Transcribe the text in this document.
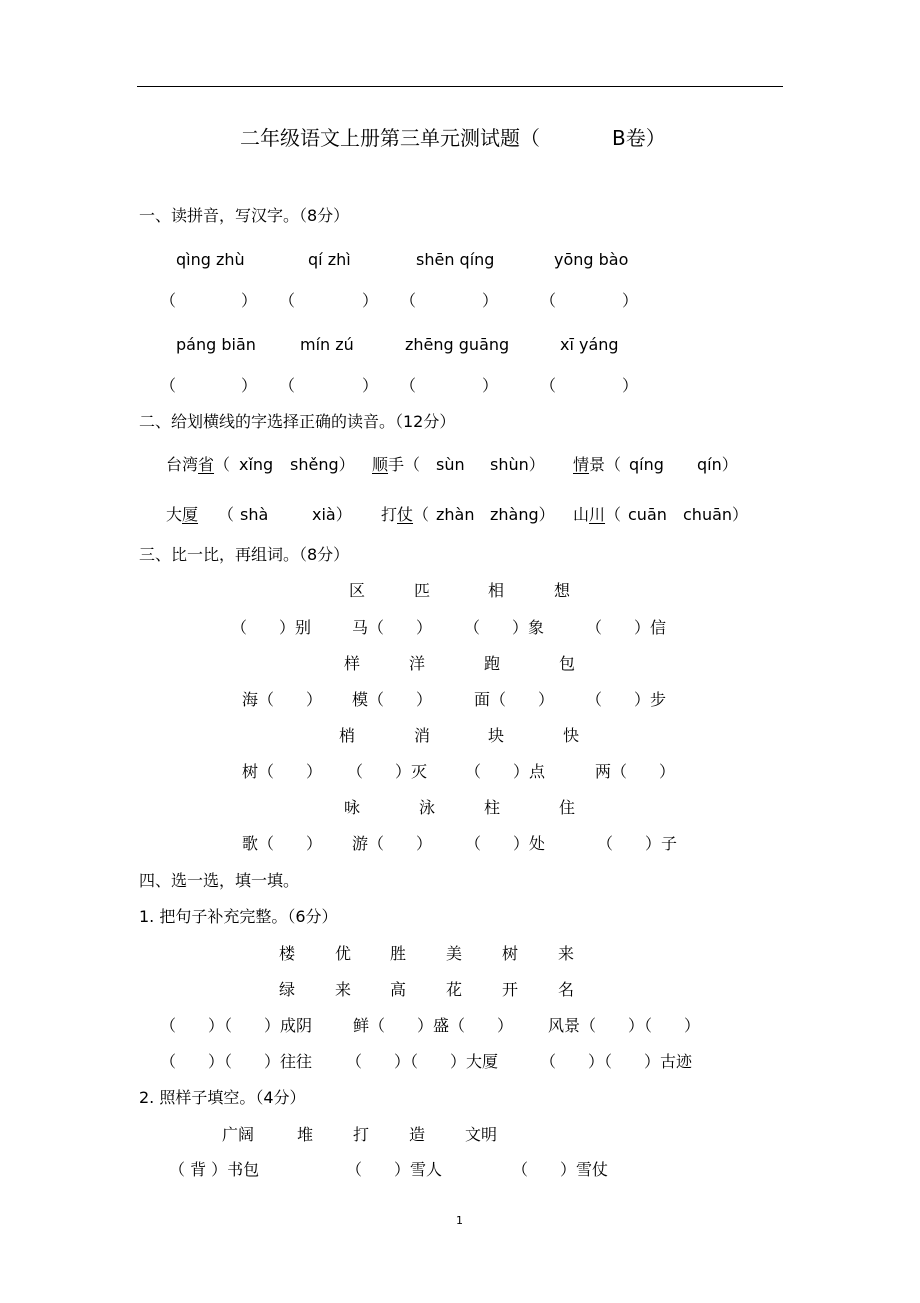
二年级语文上册第三单元测试题（	B卷）
一、读拼音，写汉字。（8分）
qìng zhù	qí zhì	shēn qíng	yōng bào
（	） （	） （	）	（	）
páng biān	mín zú	zhēng guāng	xī yáng
（	） （	） （	）	（	）
二、给划横线的字选择正确的读音。（12分）
台湾省（ xǐng shěng） 顺手（ sùn shùn） 情景（ qíng qín）
大厦 （ shà	xià） 打仗（ zhàn zhàng） 山川（ cuān chuān）
三、比一比，再组词。（8分）
区	匹	相	想
（　　）别	马（　　） （　　）象	（　　）信
样	洋	跑	包
海（　　） 模（　　）	面（　　） （　　）步
梢	消	块	快
树（　　） （　　）灭 （　　）点	两（　　）
咏	泳	柱	住
歌（　　） 游（　　） （　　）处	（　　）子
四、选一选，填一填。
1. 把句子补充完整。（6分）
楼 优 胜 美 树 来
绿 来 高 花 开 名
（　　）（　　）成阴	鲜（　　）盛（　　） 风景（　　）（　　）
（　　）（　　）往往 （　　）（　　）大厦	（　　）（　　）古迹
2. 照样子填空。（4分）
广阔	堆 打 造 文明
（ 背 ）书包	（　　）雪人	（　　）雪仗
1
